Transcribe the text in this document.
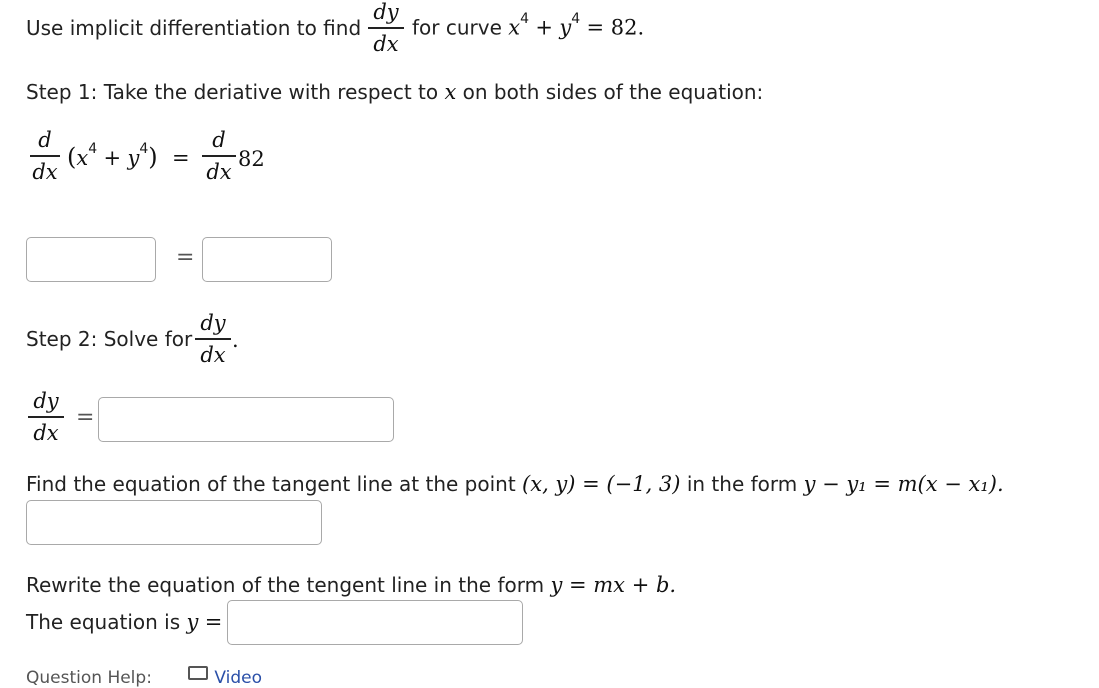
Use implicit differentiation to find
dy
dx
for curve $x^4 + y^4 = 82$.
Step 1: Take the deriative with respect to x on both sides of the equation:
d
dx
$(x^4 + y^4)$ =
d
dx
82
=
Step 2: Solve for
dy
dx
.
dy
dx
=
Find the equation of the tangent line at the point (x, y) = (−1, 3) in the form y − y₁ = m(x − x₁).
Rewrite the equation of the tengent line in the form y = mx + b.
The equation is y =
Question Help:	Video
